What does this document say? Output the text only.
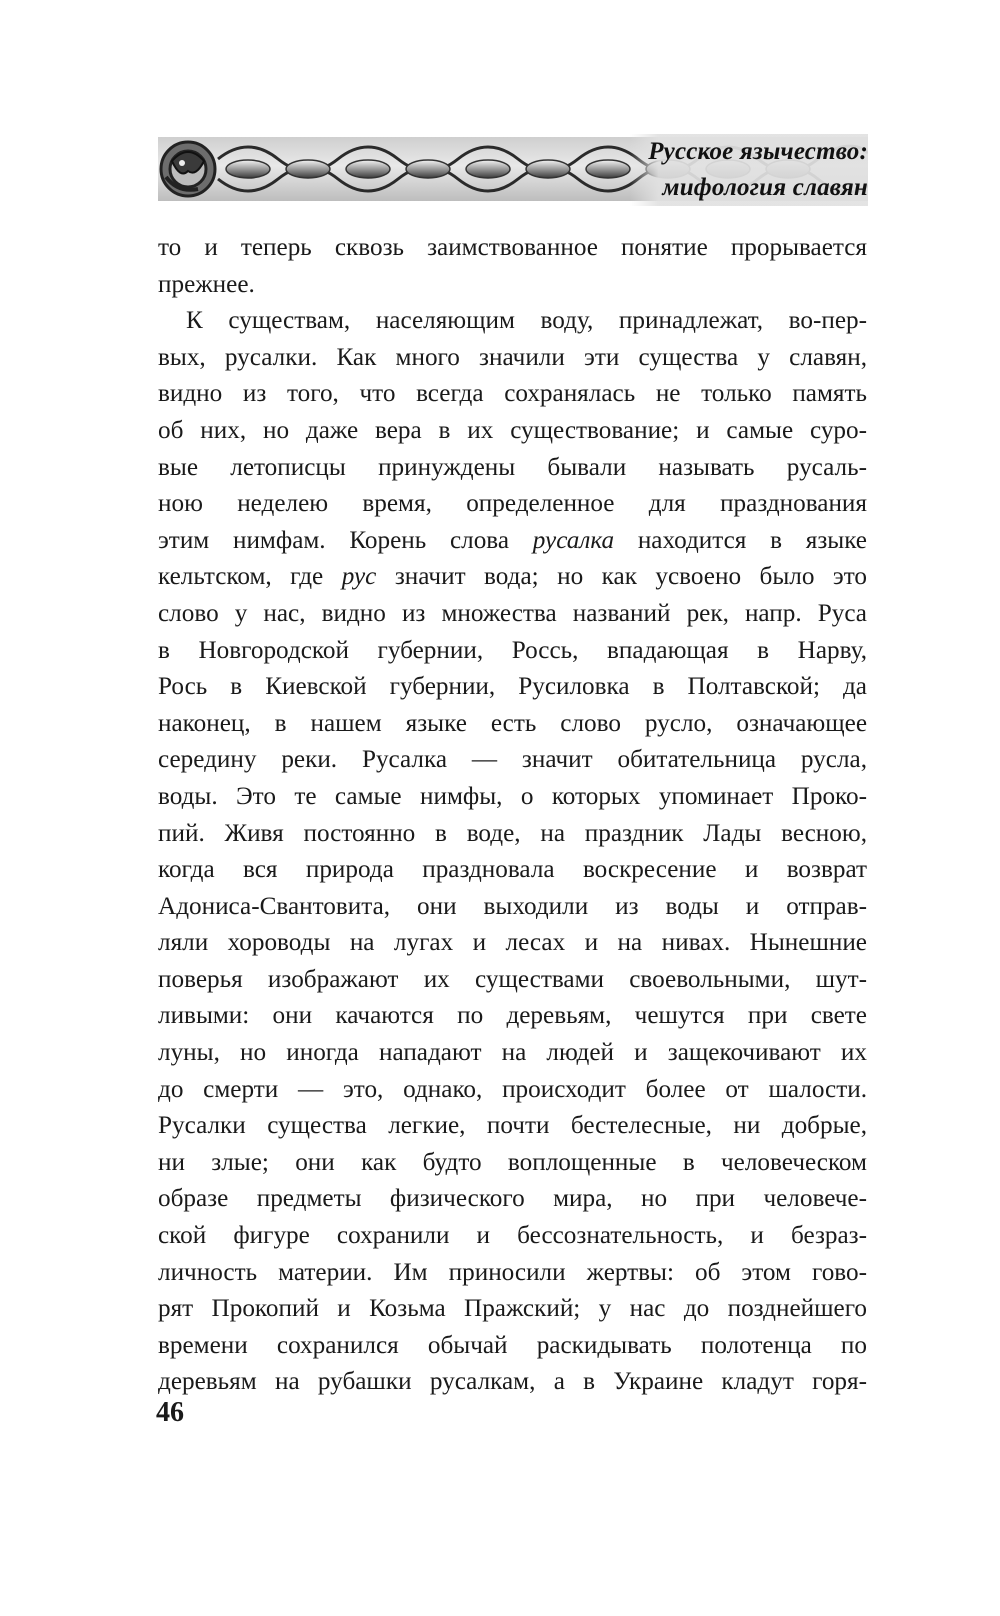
Русское язычество:
мифология славян
то и теперь сквозь заимствованное понятие прорывается
прежнее.
К существам, населяющим воду, принадлежат, во-пер-
вых, русалки. Как много значили эти существа у славян,
видно из того, что всегда сохранялась не только память
об них, но даже вера в их существование; и самые суро-
вые летописцы принуждены бывали называть русаль-
ною неделею время, определенное для празднования
этим нимфам. Корень слова русалка находится в языке
кельтском, где рус значит вода; но как усвоено было это
слово у нас, видно из множества названий рек, напр. Руса
в Новгородской губернии, Россь, впадающая в Нарву,
Рось в Киевской губернии, Русиловка в Полтавской; да
наконец, в нашем языке есть слово русло, означающее
середину реки. Русалка — значит обитательница русла,
воды. Это те самые нимфы, о которых упоминает Проко-
пий. Живя постоянно в воде, на праздник Лады весною,
когда вся природа праздновала воскресение и возврат
Адониса-Свантовита, они выходили из воды и отправ-
ляли хороводы на лугах и лесах и на нивах. Нынешние
поверья изображают их существами своевольными, шут-
ливыми: они качаются по деревьям, чешутся при свете
луны, но иногда нападают на людей и защекочивают их
до смерти — это, однако, происходит более от шалости.
Русалки существа легкие, почти бестелесные, ни добрые,
ни злые; они как будто воплощенные в человеческом
образе предметы физического мира, но при человече-
ской фигуре сохранили и бессознательность, и безраз-
личность материи. Им приносили жертвы: об этом гово-
рят Прокопий и Козьма Пражский; у нас до позднейшего
времени сохранился обычай раскидывать полотенца по
деревьям на рубашки русалкам, а в Украине кладут горя-
46
